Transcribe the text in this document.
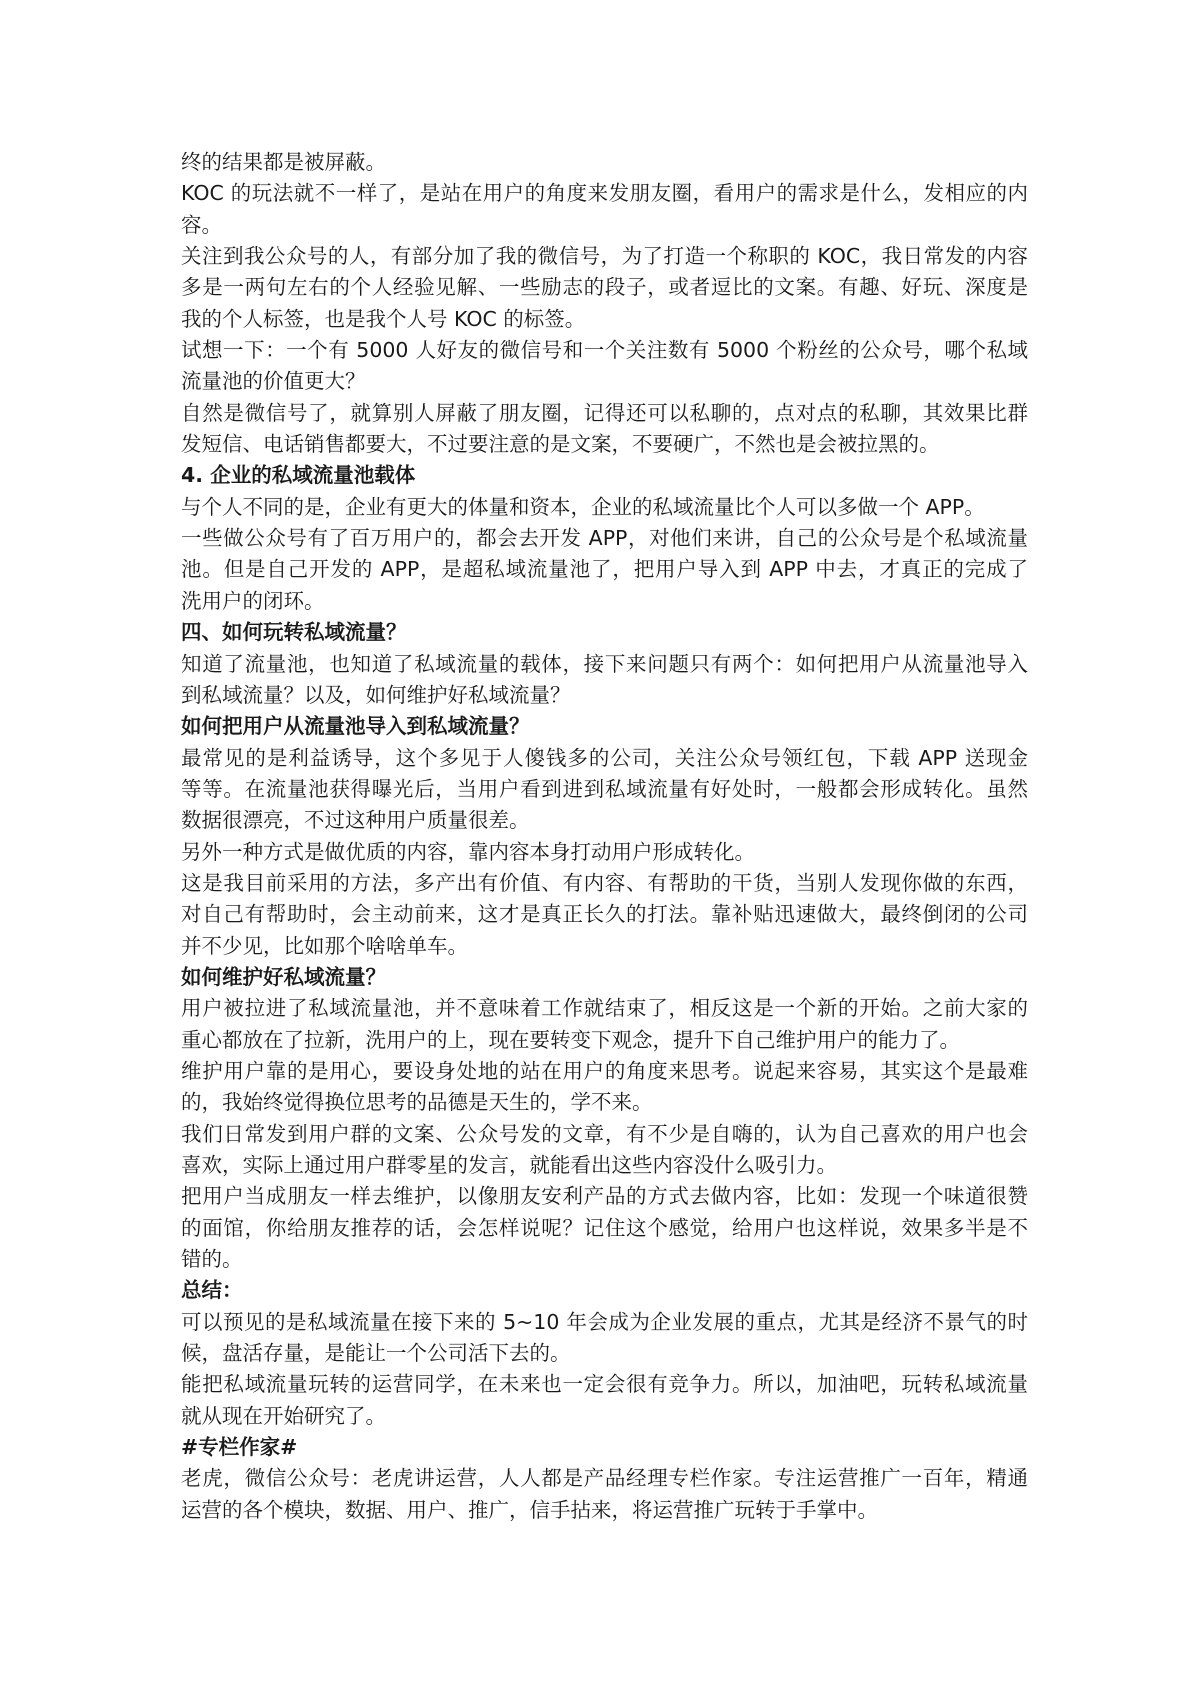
终的结果都是被屏蔽。
KOC 的玩法就不一样了，是站在用户的角度来发朋友圈，看用户的需求是什么，发相应的内
容。
关注到我公众号的人，有部分加了我的微信号，为了打造一个称职的 KOC，我日常发的内容
多是一两句左右的个人经验见解、一些励志的段子，或者逗比的文案。有趣、好玩、深度是
我的个人标签，也是我个人号 KOC 的标签。
试想一下：一个有 5000 人好友的微信号和一个关注数有 5000 个粉丝的公众号，哪个私域
流量池的价值更大？
自然是微信号了，就算别人屏蔽了朋友圈，记得还可以私聊的，点对点的私聊，其效果比群
发短信、电话销售都要大，不过要注意的是文案，不要硬广，不然也是会被拉黑的。
4. 企业的私域流量池载体
与个人不同的是，企业有更大的体量和资本，企业的私域流量比个人可以多做一个 APP。
一些做公众号有了百万用户的，都会去开发 APP，对他们来讲，自己的公众号是个私域流量
池。但是自己开发的 APP，是超私域流量池了，把用户导入到 APP 中去，才真正的完成了
洗用户的闭环。
四、如何玩转私域流量？
知道了流量池，也知道了私域流量的载体，接下来问题只有两个：如何把用户从流量池导入
到私域流量？以及，如何维护好私域流量？
如何把用户从流量池导入到私域流量？
最常见的是利益诱导，这个多见于人傻钱多的公司，关注公众号领红包，下载 APP 送现金
等等。在流量池获得曝光后，当用户看到进到私域流量有好处时，一般都会形成转化。虽然
数据很漂亮，不过这种用户质量很差。
另外一种方式是做优质的内容，靠内容本身打动用户形成转化。
这是我目前采用的方法，多产出有价值、有内容、有帮助的干货，当别人发现你做的东西，
对自己有帮助时，会主动前来，这才是真正长久的打法。靠补贴迅速做大，最终倒闭的公司
并不少见，比如那个啥啥单车。
如何维护好私域流量？
用户被拉进了私域流量池，并不意味着工作就结束了，相反这是一个新的开始。之前大家的
重心都放在了拉新，洗用户的上，现在要转变下观念，提升下自己维护用户的能力了。
维护用户靠的是用心，要设身处地的站在用户的角度来思考。说起来容易，其实这个是最难
的，我始终觉得换位思考的品德是天生的，学不来。
我们日常发到用户群的文案、公众号发的文章，有不少是自嗨的，认为自己喜欢的用户也会
喜欢，实际上通过用户群零星的发言，就能看出这些内容没什么吸引力。
把用户当成朋友一样去维护，以像朋友安利产品的方式去做内容，比如：发现一个味道很赞
的面馆，你给朋友推荐的话，会怎样说呢？记住这个感觉，给用户也这样说，效果多半是不
错的。
总结：
可以预见的是私域流量在接下来的 5~10 年会成为企业发展的重点，尤其是经济不景气的时
候，盘活存量，是能让一个公司活下去的。
能把私域流量玩转的运营同学，在未来也一定会很有竞争力。所以，加油吧，玩转私域流量
就从现在开始研究了。
#专栏作家#
老虎，微信公众号：老虎讲运营，人人都是产品经理专栏作家。专注运营推广一百年，精通
运营的各个模块，数据、用户、推广，信手拈来，将运营推广玩转于手掌中。
